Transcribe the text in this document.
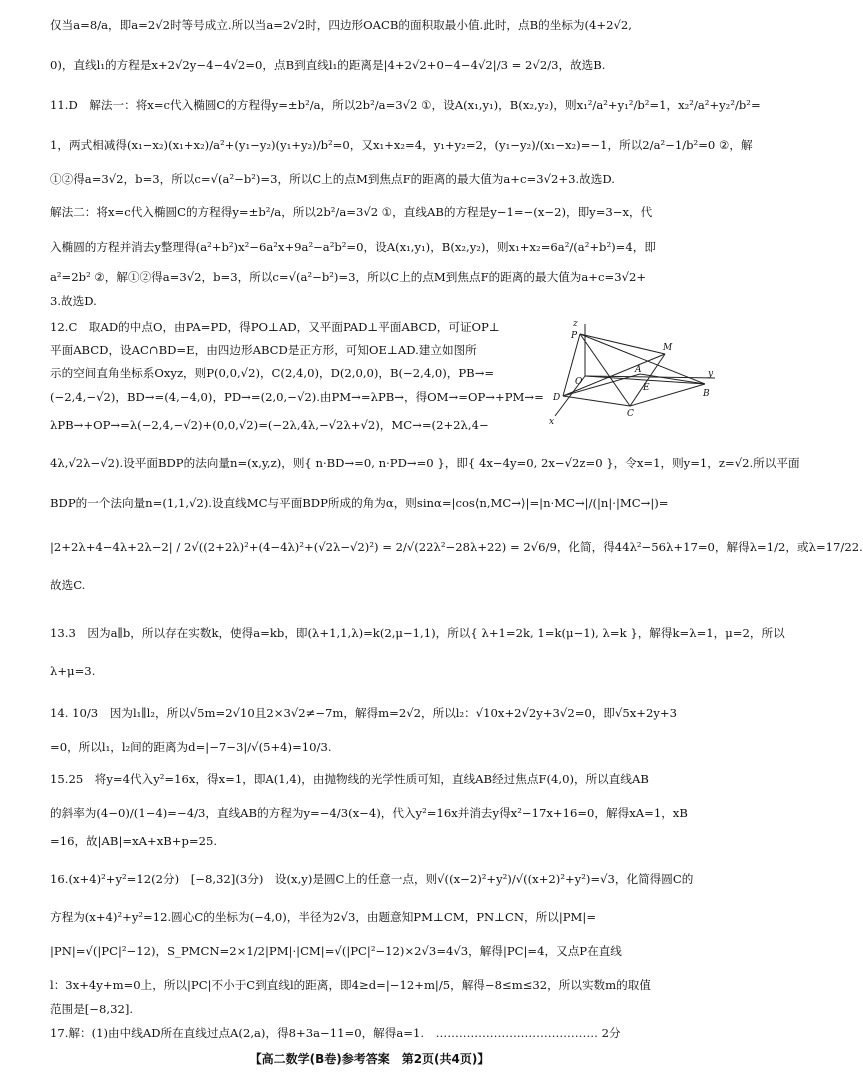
仅当a=8/a，即a=2√2时等号成立.所以当a=2√2时，四边形OACB的面积取最小值.此时，点B的坐标为(4+2√2,
0)，直线l₁的方程是x+2√2y−4−4√2=0，点B到直线l₁的距离是|4+2√2+0−4−4√2|/3 = 2√2/3，故选B.
11.D　解法一：将x=c代入椭圆C的方程得y=±b²/a，所以2b²/a=3√2 ①，设A(x₁,y₁)，B(x₂,y₂)，则x₁²/a²+y₁²/b²=1，x₂²/a²+y₂²/b²=
1，两式相减得(x₁−x₂)(x₁+x₂)/a²+(y₁−y₂)(y₁+y₂)/b²=0，又x₁+x₂=4，y₁+y₂=2，(y₁−y₂)/(x₁−x₂)=−1，所以2/a²−1/b²=0 ②，解
①②得a=3√2，b=3，所以c=√(a²−b²)=3，所以C上的点M到焦点F的距离的最大值为a+c=3√2+3.故选D.
解法二：将x=c代入椭圆C的方程得y=±b²/a，所以2b²/a=3√2 ①，直线AB的方程是y−1=−(x−2)，即y=3−x，代
入椭圆的方程并消去y整理得(a²+b²)x²−6a²x+9a²−a²b²=0，设A(x₁,y₁)，B(x₂,y₂)，则x₁+x₂=6a²/(a²+b²)=4，即
a²=2b² ②，解①②得a=3√2，b=3，所以c=√(a²−b²)=3，所以C上的点M到焦点F的距离的最大值为a+c=3√2+
3.故选D.
12.C　取AD的中点O，由PA=PD，得PO⊥AD，又平面PAD⊥平面ABCD，可证OP⊥
平面ABCD，设AC∩BD=E，由四边形ABCD是正方形，可知OE⊥AD.建立如图所
示的空间直角坐标系Oxyz，则P(0,0,√2)，C(2,4,0)，D(2,0,0)，B(−2,4,0)，PB→=
(−2,4,−√2)，BD→=(4,−4,0)，PD→=(2,0,−√2).由PM→=λPB→，得OM→=OP→+PM→=
λPB→+OP→=λ(−2,4,−√2)+(0,0,√2)=(−2λ,4λ,−√2λ+√2)，MC→=(2+2λ,4−
4λ,√2λ−√2).设平面BDP的法向量n=(x,y,z)，则{ n·BD→=0, n·PD→=0 }，即{ 4x−4y=0, 2x−√2z=0 }，令x=1，则y=1，z=√2.所以平面
BDP的一个法向量n=(1,1,√2).设直线MC与平面BDP所成的角为α，则sinα=|cos⟨n,MC→⟩|=|n·MC→|/(|n|·|MC→|)=
|2+2λ+4−4λ+2λ−2| / 2√((2+2λ)²+(4−4λ)²+(√2λ−√2)²) = 2/√(22λ²−28λ+22) = 2√6/9，化简，得44λ²−56λ+17=0，解得λ=1/2，或λ=17/22.
故选C.
13.3　因为a∥b，所以存在实数k，使得a=kb，即(λ+1,1,λ)=k(2,μ−1,1)，所以{ λ+1=2k, 1=k(μ−1), λ=k }，解得k=λ=1，μ=2，所以
λ+μ=3.
14. 10/3　因为l₁∥l₂，所以√5m=2√10且2×3√2≠−7m，解得m=2√2，所以l₂：√10x+2√2y+3√2=0，即√5x+2y+3
=0，所以l₁，l₂间的距离为d=|−7−3|/√(5+4)=10/3.
15.25　将y=4代入y²=16x，得x=1，即A(1,4)，由抛物线的光学性质可知，直线AB经过焦点F(4,0)，所以直线AB
的斜率为(4−0)/(1−4)=−4/3，直线AB的方程为y=−4/3(x−4)，代入y²=16x并消去y得x²−17x+16=0，解得xA=1，xB
=16，故|AB|=xA+xB+p=25.
16.(x+4)²+y²=12(2分)　[−8,32](3分)　设(x,y)是圆C上的任意一点，则√((x−2)²+y²)/√((x+2)²+y²)=√3，化简得圆C的
方程为(x+4)²+y²=12.圆心C的坐标为(−4,0)，半径为2√3，由题意知PM⊥CM，PN⊥CN，所以|PM|=
|PN|=√(|PC|²−12)，S_PMCN=2×1/2|PM|·|CM|=√(|PC|²−12)×2√3=4√3，解得|PC|=4，又点P在直线
l：3x+4y+m=0上，所以|PC|不小于C到直线l的距离，即4≥d=|−12+m|/5，解得−8≤m≤32，所以实数m的取值
范围是[−8,32].
17.解：(1)由中线AD所在直线过点A(2,a)，得8+3a−11=0，解得a=1.　…………………………………… 2分
z
P
M
y
D
O
E
A
B
C
x
【高二数学(B卷)参考答案　第2页(共4页)】
